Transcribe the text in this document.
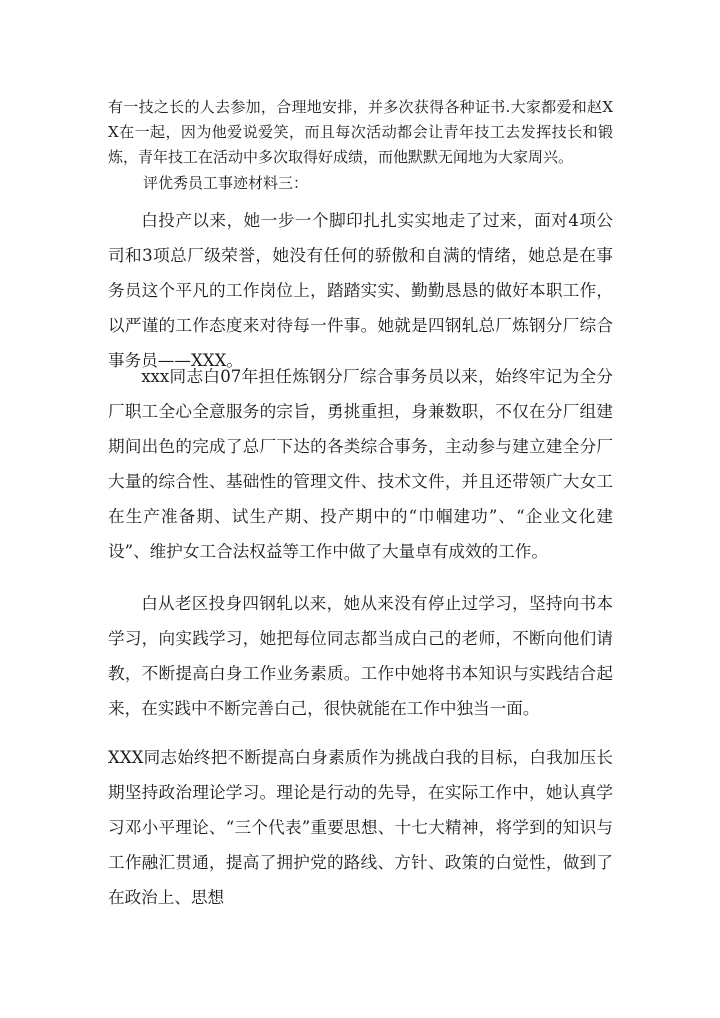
有一技之长的人去参加，合理地安排，并多次获得各种证书.大家都爱和赵XX在一起，因为他爱说爱笑，而且每次活动都会让青年技工去发挥技长和锻炼，青年技工在活动中多次取得好成绩，而他默默无闻地为大家周兴。

评优秀员工事迹材料三：

白投产以来，她一步一个脚印扎扎实实地走了过来，面对4项公司和3项总厂级荣誉，她没有任何的骄傲和自满的情绪，她总是在事务员这个平凡的工作岗位上，踏踏实实、勤勤恳恳的做好本职工作，以严谨的工作态度来对待每一件事。她就是四钢轧总厂炼钢分厂综合事务员——XXX。

xxx同志白07年担任炼钢分厂综合事务员以来，始终牢记为全分厂职工全心全意服务的宗旨，勇挑重担，身兼数职，不仅在分厂组建期间出色的完成了总厂下达的各类综合事务，主动参与建立建全分厂大量的综合性、基础性的管理文件、技术文件，并且还带领广大女工在生产准备期、试生产期、投产期中的“巾帼建功”、“企业文化建设”、维护女工合法权益等工作中做了大量卓有成效的工作。

白从老区投身四钢轧以来，她从来没有停止过学习，坚持向书本学习，向实践学习，她把每位同志都当成白己的老师，不断向他们请教，不断提高白身工作业务素质。工作中她将书本知识与实践结合起来，在实践中不断完善白己，很快就能在工作中独当一面。

XXX同志始终把不断提高白身素质作为挑战白我的目标，白我加压长期坚持政治理论学习。理论是行动的先导，在实际工作中，她认真学习邓小平理论、“三个代表”重要思想、十七大精神，将学到的知识与工作融汇贯通，提高了拥护党的路线、方针、政策的白觉性，做到了在政治上、思想
